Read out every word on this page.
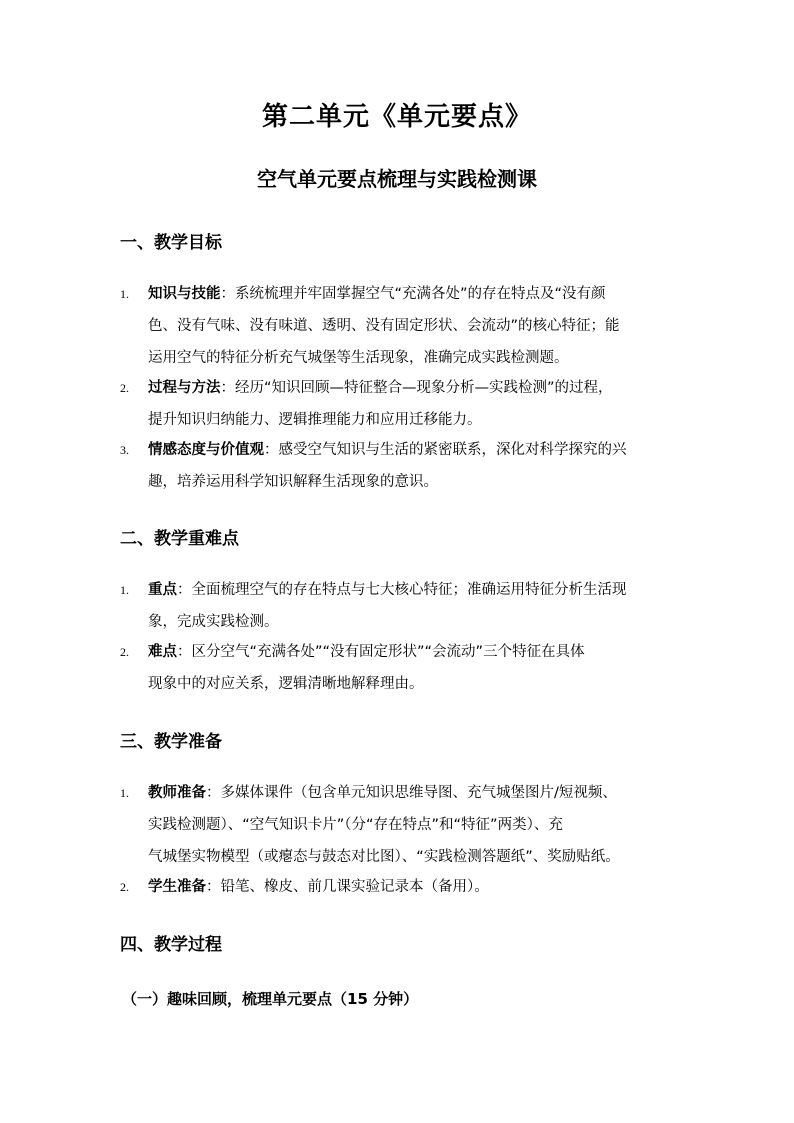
第二单元《单元要点》
空气单元要点梳理与实践检测课
一、教学目标
1.	知识与技能：系统梳理并牢固掌握空气“充满各处”的存在特点及“没有颜
色、没有气味、没有味道、透明、没有固定形状、会流动”的核心特征；能
运用空气的特征分析充气城堡等生活现象，准确完成实践检测题。
2.	过程与方法：经历“知识回顾—特征整合—现象分析—实践检测”的过程，
提升知识归纳能力、逻辑推理能力和应用迁移能力。
3.	情感态度与价值观：感受空气知识与生活的紧密联系，深化对科学探究的兴
趣，培养运用科学知识解释生活现象的意识。
二、教学重难点
1.	重点：全面梳理空气的存在特点与七大核心特征；准确运用特征分析生活现
象，完成实践检测。
2.	难点：区分空气“充满各处”“没有固定形状”“会流动”三个特征在具体
现象中的对应关系，逻辑清晰地解释理由。
三、教学准备
1.	教师准备：多媒体课件（包含单元知识思维导图、充气城堡图片/短视频、
实践检测题）、“空气知识卡片”（分“存在特点”和“特征”两类）、充
气城堡实物模型（或瘪态与鼓态对比图）、“实践检测答题纸”、奖励贴纸。
2.	学生准备：铅笔、橡皮、前几课实验记录本（备用）。
四、教学过程
（一）趣味回顾，梳理单元要点（15 分钟）
